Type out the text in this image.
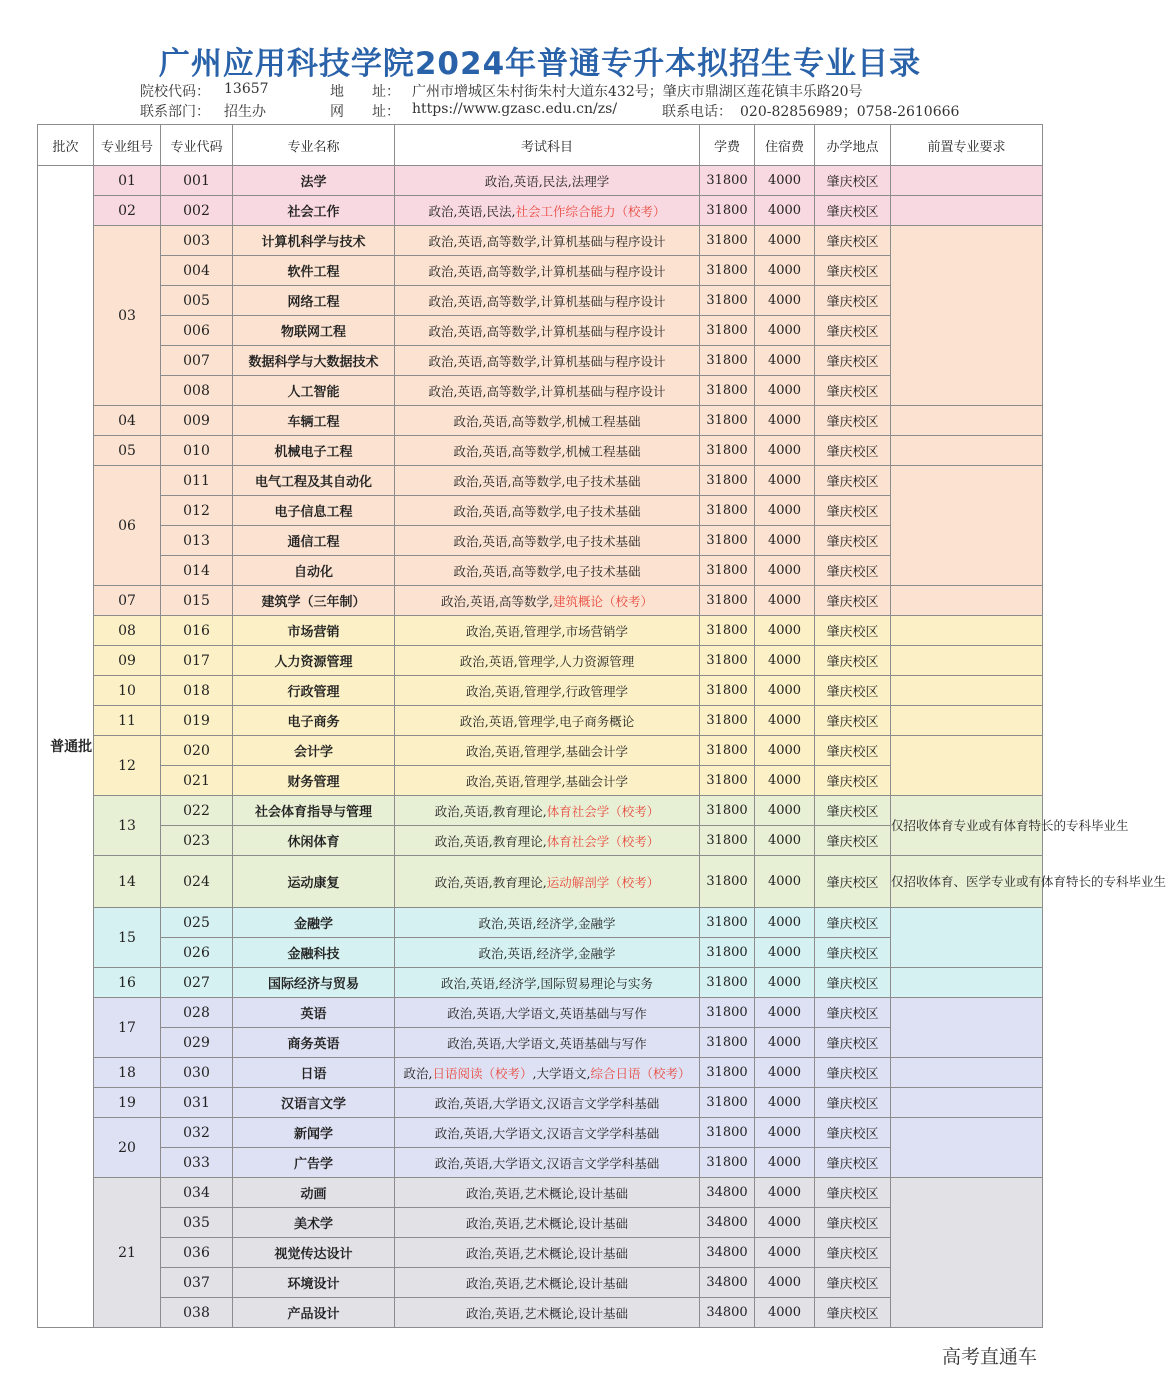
广州应用科技学院2024年普通专升本拟招生专业目录
院校代码： 13657	地　　址： 广州市增城区朱村街朱村大道东432号；肇庆市鼎湖区莲花镇丰乐路20号
联系部门： 招生办	网　　址： https://www.gzasc.edu.cn/zs/	联系电话： 020-82856989；0758-2610666
批次	专业组号	专业代码	专业名称	考试科目	学费	住宿费	办学地点	前置专业要求
普通批	01	001	法学	政治,英语,民法,法理学	31800	4000	肇庆校区	
	02	002	社会工作	政治,英语,民法,社会工作综合能力（校考）	31800	4000	肇庆校区	
	03	003	计算机科学与技术	政治,英语,高等数学,计算机基础与程序设计	31800	4000	肇庆校区	
		004	软件工程	政治,英语,高等数学,计算机基础与程序设计	31800	4000	肇庆校区	
		005	网络工程	政治,英语,高等数学,计算机基础与程序设计	31800	4000	肇庆校区	
		006	物联网工程	政治,英语,高等数学,计算机基础与程序设计	31800	4000	肇庆校区	
		007	数据科学与大数据技术	政治,英语,高等数学,计算机基础与程序设计	31800	4000	肇庆校区	
		008	人工智能	政治,英语,高等数学,计算机基础与程序设计	31800	4000	肇庆校区	
	04	009	车辆工程	政治,英语,高等数学,机械工程基础	31800	4000	肇庆校区	
	05	010	机械电子工程	政治,英语,高等数学,机械工程基础	31800	4000	肇庆校区	
	06	011	电气工程及其自动化	政治,英语,高等数学,电子技术基础	31800	4000	肇庆校区	
		012	电子信息工程	政治,英语,高等数学,电子技术基础	31800	4000	肇庆校区	
		013	通信工程	政治,英语,高等数学,电子技术基础	31800	4000	肇庆校区	
		014	自动化	政治,英语,高等数学,电子技术基础	31800	4000	肇庆校区	
	07	015	建筑学（三年制）	政治,英语,高等数学,建筑概论（校考）	31800	4000	肇庆校区	
	08	016	市场营销	政治,英语,管理学,市场营销学	31800	4000	肇庆校区	
	09	017	人力资源管理	政治,英语,管理学,人力资源管理	31800	4000	肇庆校区	
	10	018	行政管理	政治,英语,管理学,行政管理学	31800	4000	肇庆校区	
	11	019	电子商务	政治,英语,管理学,电子商务概论	31800	4000	肇庆校区	
	12	020	会计学	政治,英语,管理学,基础会计学	31800	4000	肇庆校区	
		021	财务管理	政治,英语,管理学,基础会计学	31800	4000	肇庆校区	
	13	022	社会体育指导与管理	政治,英语,教育理论,体育社会学（校考）	31800	4000	肇庆校区	仅招收体育专业或有体育特长的专科毕业生
		023	休闲体育	政治,英语,教育理论,体育社会学（校考）	31800	4000	肇庆校区	
	14	024	运动康复	政治,英语,教育理论,运动解剖学（校考）	31800	4000	肇庆校区	仅招收体育、医学专业或有体育特长的专科毕业生
	15	025	金融学	政治,英语,经济学,金融学	31800	4000	肇庆校区	
		026	金融科技	政治,英语,经济学,金融学	31800	4000	肇庆校区	
	16	027	国际经济与贸易	政治,英语,经济学,国际贸易理论与实务	31800	4000	肇庆校区	
	17	028	英语	政治,英语,大学语文,英语基础与写作	31800	4000	肇庆校区	
		029	商务英语	政治,英语,大学语文,英语基础与写作	31800	4000	肇庆校区	
	18	030	日语	政治,日语阅读（校考）,大学语文,综合日语（校考）	31800	4000	肇庆校区	
	19	031	汉语言文学	政治,英语,大学语文,汉语言文学学科基础	31800	4000	肇庆校区	
	20	032	新闻学	政治,英语,大学语文,汉语言文学学科基础	31800	4000	肇庆校区	
		033	广告学	政治,英语,大学语文,汉语言文学学科基础	31800	4000	肇庆校区	
	21	034	动画	政治,英语,艺术概论,设计基础	34800	4000	肇庆校区	
		035	美术学	政治,英语,艺术概论,设计基础	34800	4000	肇庆校区	
		036	视觉传达设计	政治,英语,艺术概论,设计基础	34800	4000	肇庆校区	
		037	环境设计	政治,英语,艺术概论,设计基础	34800	4000	肇庆校区	
		038	产品设计	政治,英语,艺术概论,设计基础	34800	4000	肇庆校区	
高考直通车
